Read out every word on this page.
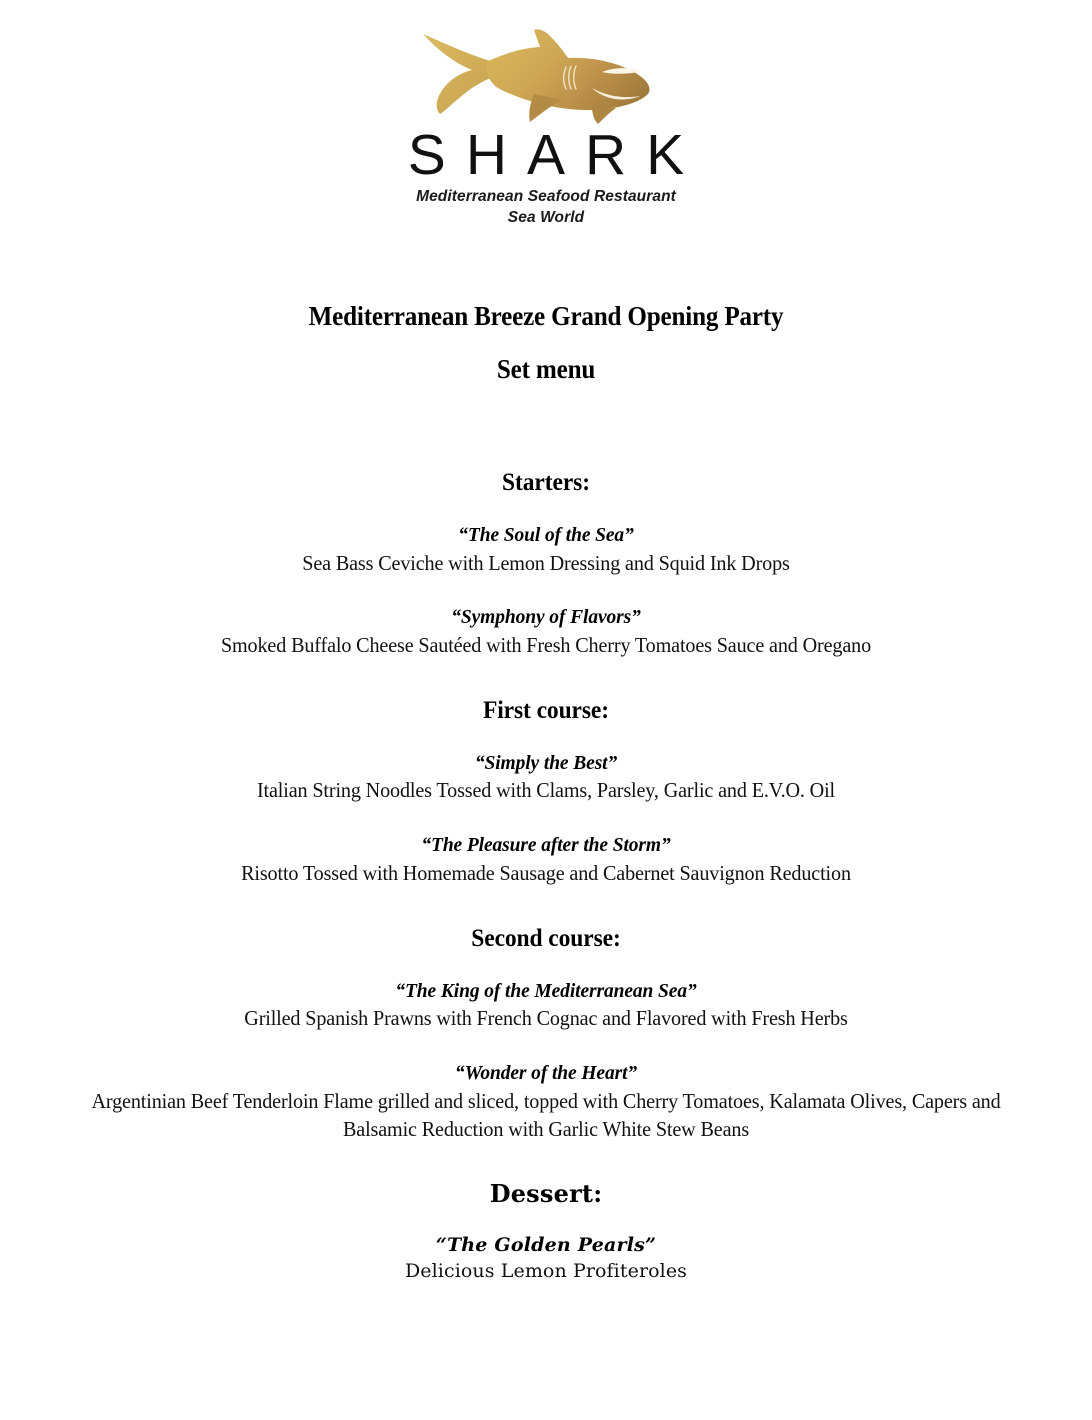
SHARK
Mediterranean Seafood Restaurant
Sea World
Mediterranean Breeze Grand Opening Party
Set menu
Starters:
“The Soul of the Sea”
Sea Bass Ceviche with Lemon Dressing and Squid Ink Drops
“Symphony of Flavors”
Smoked Buffalo Cheese Sautéed with Fresh Cherry Tomatoes Sauce and Oregano
First course:
“Simply the Best”
Italian String Noodles Tossed with Clams, Parsley, Garlic and E.V.O. Oil
“The Pleasure after the Storm”
Risotto Tossed with Homemade Sausage and Cabernet Sauvignon Reduction
Second course:
“The King of the Mediterranean Sea”
Grilled Spanish Prawns with French Cognac and Flavored with Fresh Herbs
“Wonder of the Heart”
Argentinian Beef Tenderloin Flame grilled and sliced, topped with Cherry Tomatoes, Kalamata Olives, Capers and Balsamic Reduction with Garlic White Stew Beans
Dessert:
“The Golden Pearls”
Delicious Lemon Profiteroles
